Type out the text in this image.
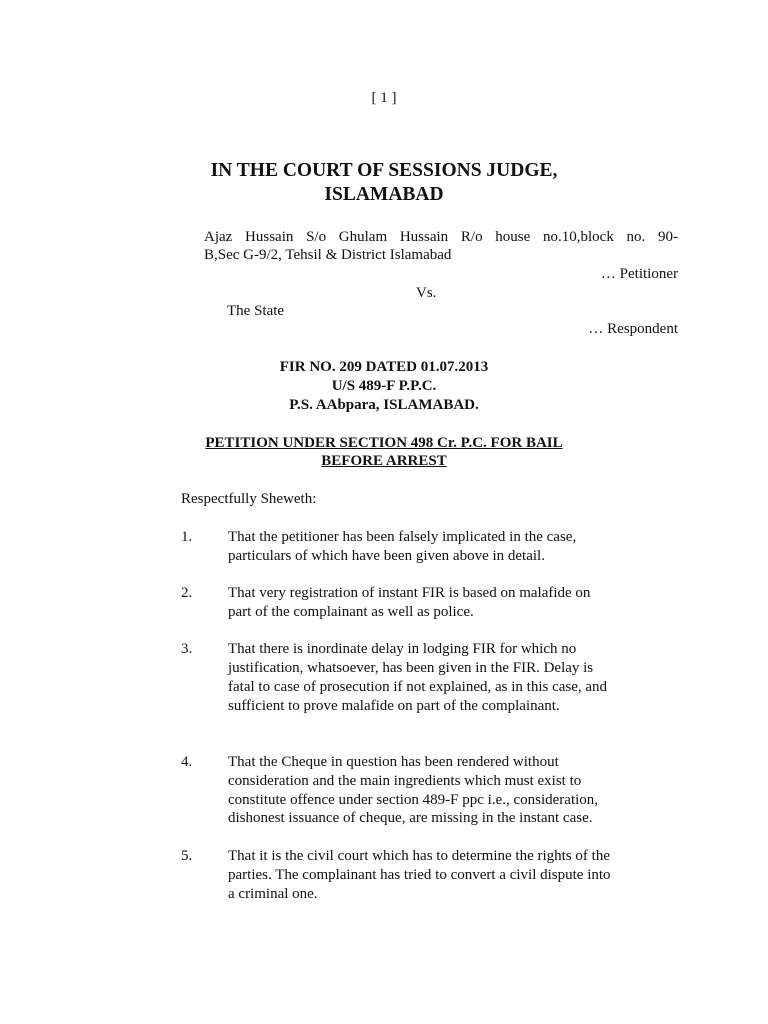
[ 1 ]
IN THE COURT OF SESSIONS JUDGE,
ISLAMABAD
Ajaz Hussain S/o Ghulam Hussain R/o house no.10,block no. 90-
B,Sec G-9/2, Tehsil & District Islamabad
… Petitioner
Vs.
The State
… Respondent
FIR NO. 209 DATED 01.07.2013
U/S 489-F P.P.C.
P.S. AAbpara, ISLAMABAD.
PETITION UNDER SECTION 498 Cr. P.C. FOR BAIL
BEFORE ARREST
Respectfully Sheweth:
1. That the petitioner has been falsely implicated in the case,
particulars of which have been given above in detail.
2. That very registration of instant FIR is based on malafide on
part of the complainant as well as police.
3. That there is inordinate delay in lodging FIR for which no
justification, whatsoever, has been given in the FIR. Delay is
fatal to case of prosecution if not explained, as in this case, and
sufficient to prove malafide on part of the complainant.
4. That the Cheque in question has been rendered without
consideration and the main ingredients which must exist to
constitute offence under section 489-F ppc i.e., consideration,
dishonest issuance of cheque, are missing in the instant case.
5. That it is the civil court which has to determine the rights of the
parties. The complainant has tried to convert a civil dispute into
a criminal one.
